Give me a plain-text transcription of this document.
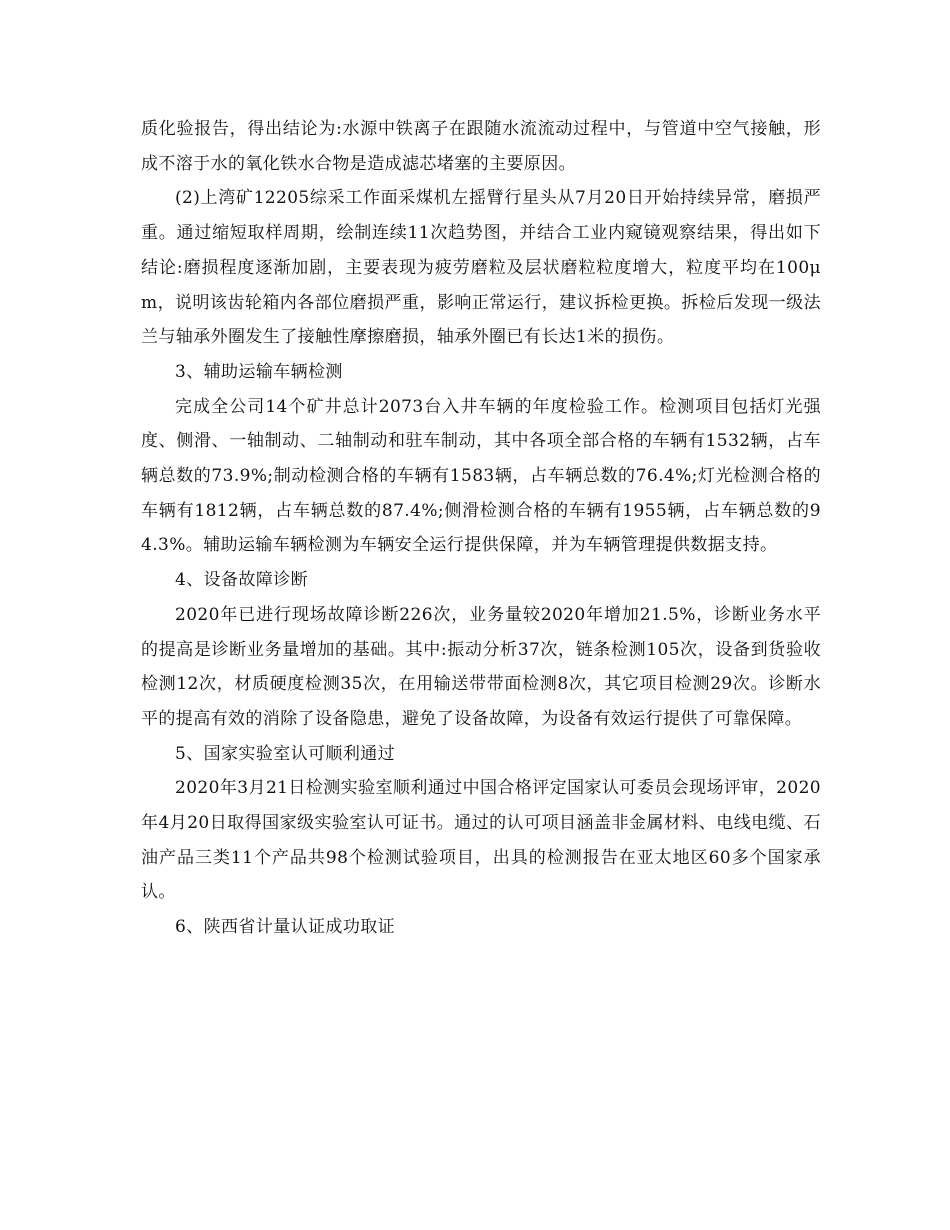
质化验报告，得出结论为:水源中铁离子在跟随水流流动过程中，与管道中空气接触，形成不溶于水的氧化铁水合物是造成滤芯堵塞的主要原因。

(2)上湾矿12205综采工作面采煤机左摇臂行星头从7月20日开始持续异常，磨损严重。通过缩短取样周期，绘制连续11次趋势图，并结合工业内窥镜观察结果，得出如下结论:磨损程度逐渐加剧，主要表现为疲劳磨粒及层状磨粒粒度增大，粒度平均在100μm，说明该齿轮箱内各部位磨损严重，影响正常运行，建议拆检更换。拆检后发现一级法兰与轴承外圈发生了接触性摩擦磨损，轴承外圈已有长达1米的损伤。

3、辅助运输车辆检测

完成全公司14个矿井总计2073台入井车辆的年度检验工作。检测项目包括灯光强度、侧滑、一轴制动、二轴制动和驻车制动，其中各项全部合格的车辆有1532辆，占车辆总数的73.9%;制动检测合格的车辆有1583辆，占车辆总数的76.4%;灯光检测合格的车辆有1812辆，占车辆总数的87.4%;侧滑检测合格的车辆有1955辆，占车辆总数的94.3%。辅助运输车辆检测为车辆安全运行提供保障，并为车辆管理提供数据支持。

4、设备故障诊断

2020年已进行现场故障诊断226次，业务量较2020年增加21.5%，诊断业务水平的提高是诊断业务量增加的基础。其中:振动分析37次，链条检测105次，设备到货验收检测12次，材质硬度检测35次，在用输送带带面检测8次，其它项目检测29次。诊断水平的提高有效的消除了设备隐患，避免了设备故障，为设备有效运行提供了可靠保障。

5、国家实验室认可顺利通过

2020年3月21日检测实验室顺利通过中国合格评定国家认可委员会现场评审，2020年4月20日取得国家级实验室认可证书。通过的认可项目涵盖非金属材料、电线电缆、石油产品三类11个产品共98个检测试验项目，出具的检测报告在亚太地区60多个国家承认。

6、陕西省计量认证成功取证
